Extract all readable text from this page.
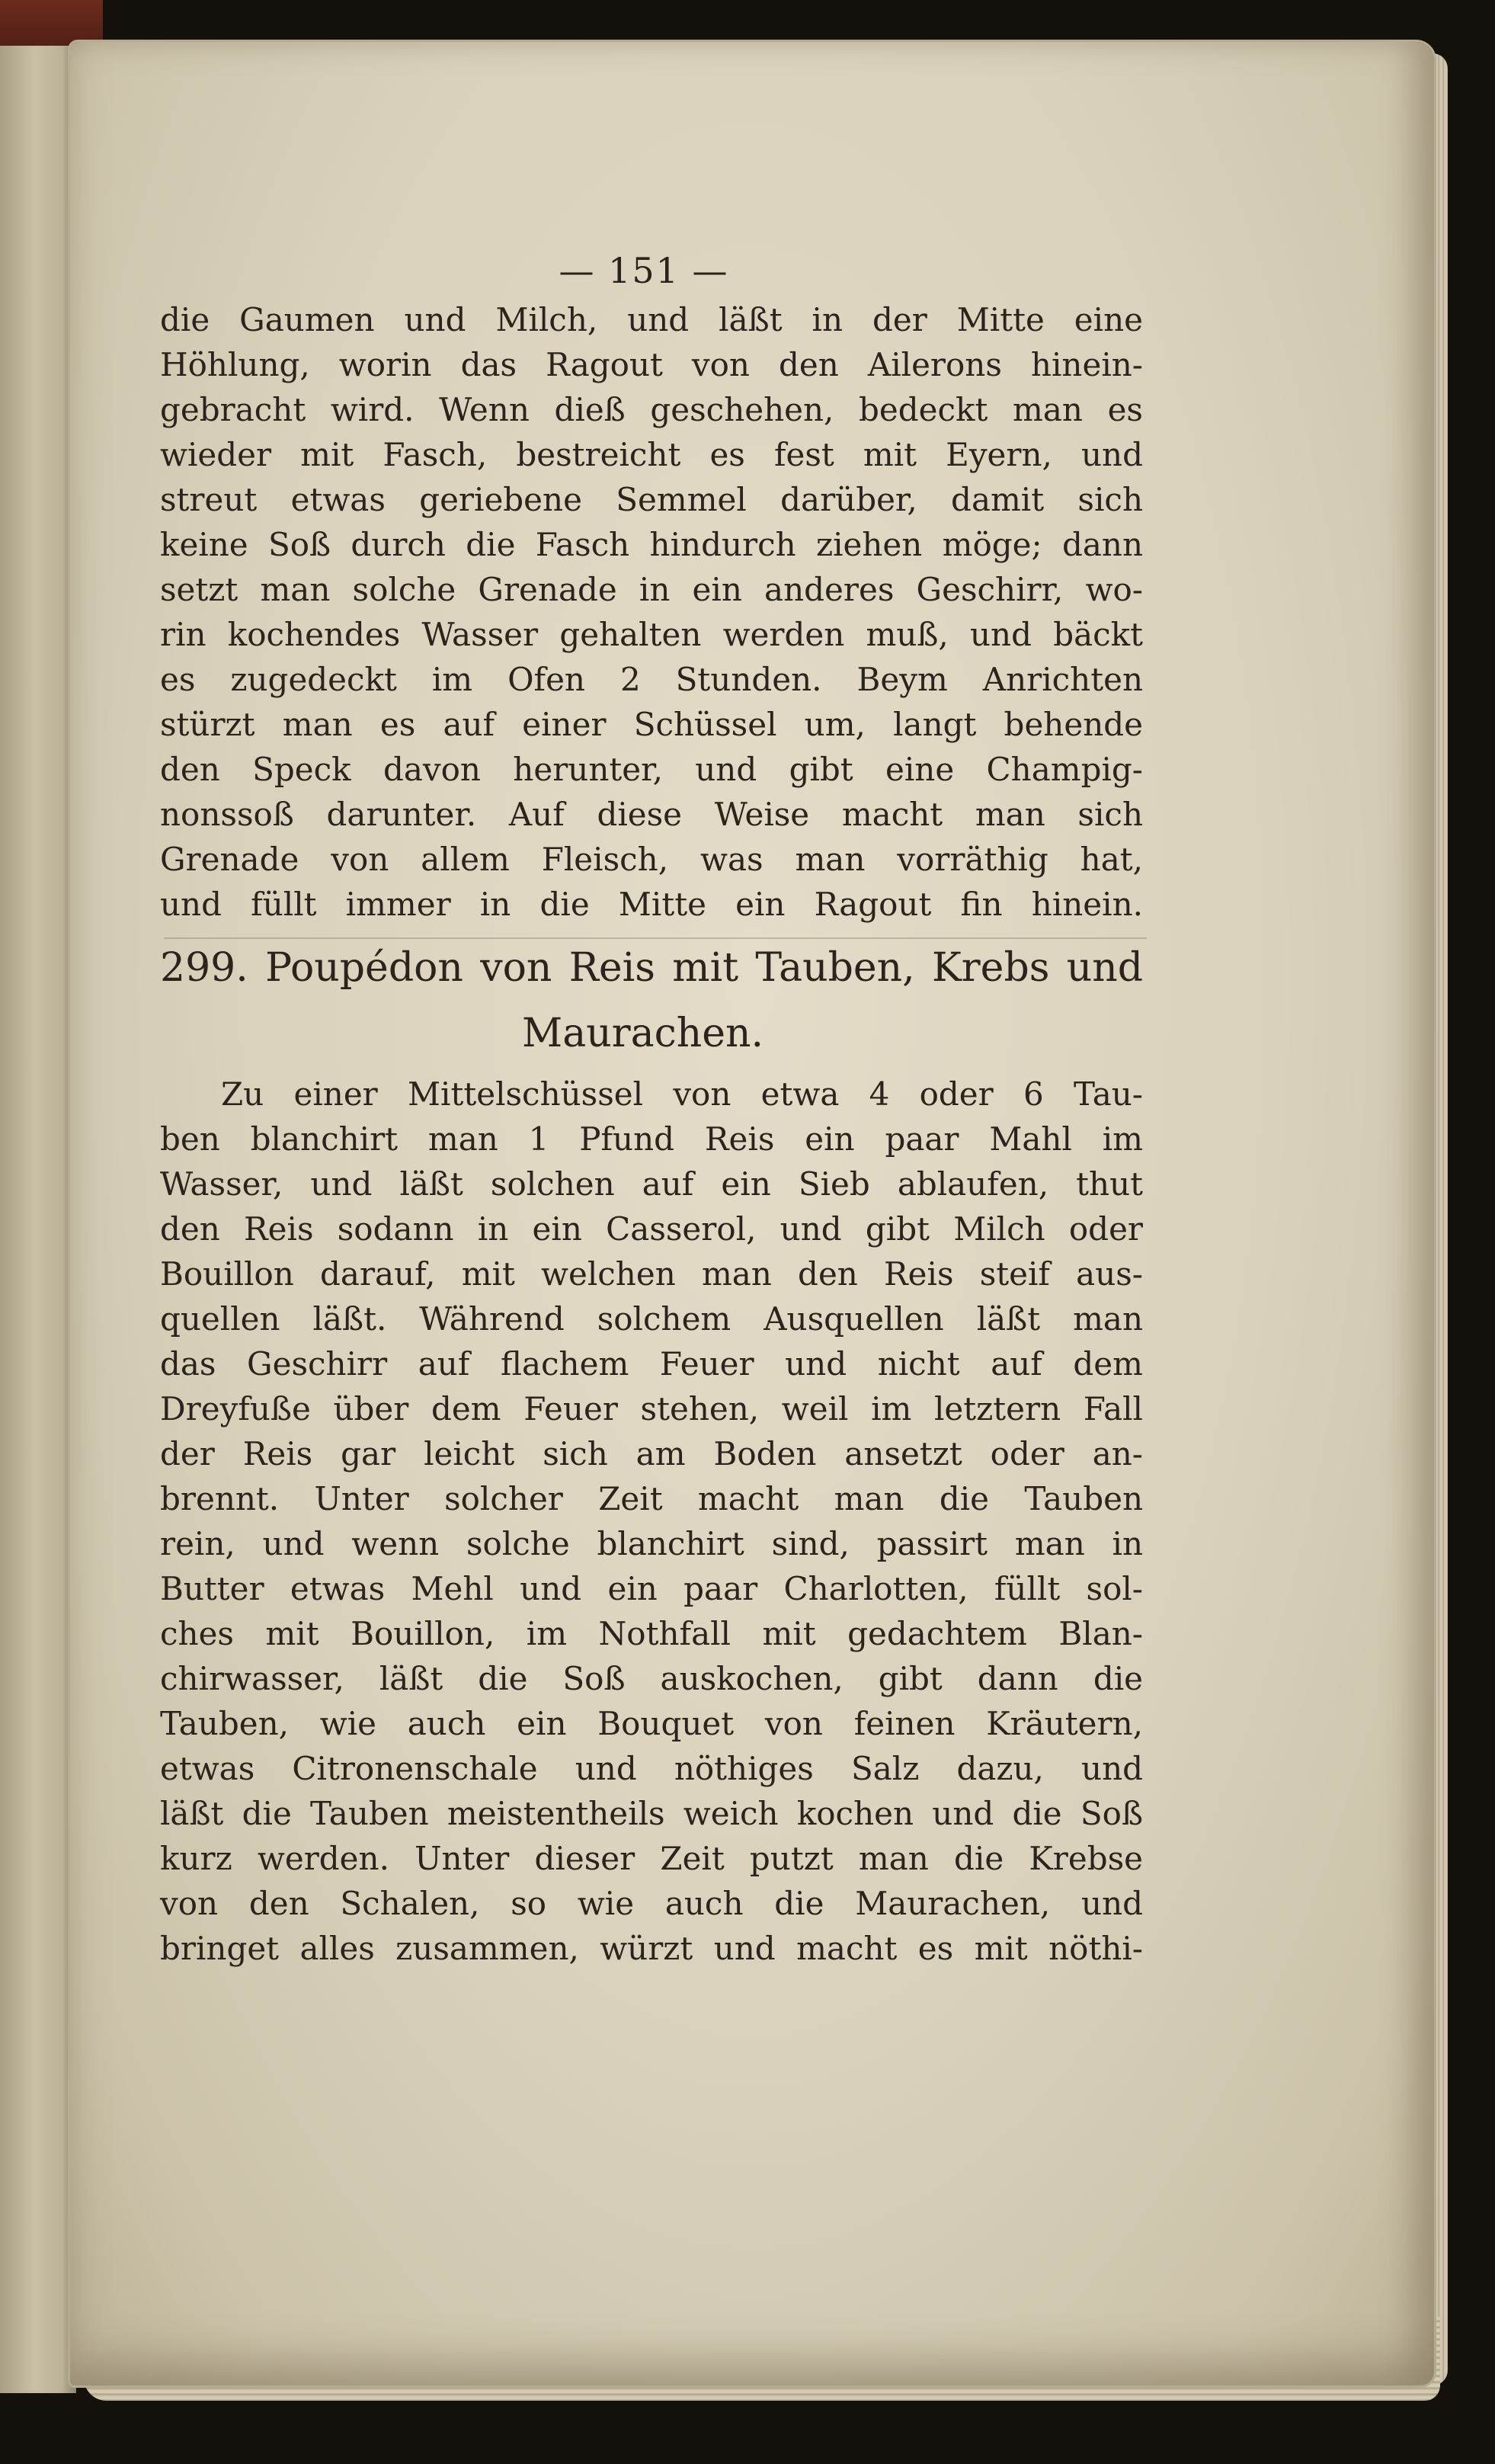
— 151 —
die Gaumen und Milch, und läßt in der Mitte eine
Höhlung, worin das Ragout von den Ailerons hinein-
gebracht wird. Wenn dieß geschehen, bedeckt man es
wieder mit Fasch, bestreicht es fest mit Eyern, und
streut etwas geriebene Semmel darüber, damit sich
keine Soß durch die Fasch hindurch ziehen möge; dann
setzt man solche Grenade in ein anderes Geschirr, wo-
rin kochendes Wasser gehalten werden muß, und bäckt
es zugedeckt im Ofen 2 Stunden. Beym Anrichten
stürzt man es auf einer Schüssel um, langt behende
den Speck davon herunter, und gibt eine Champig-
nonssoß darunter. Auf diese Weise macht man sich
Grenade von allem Fleisch, was man vorräthig hat,
und füllt immer in die Mitte ein Ragout fin hinein.
299. Poupédon von Reis mit Tauben, Krebs und
Maurachen.
Zu einer Mittelschüssel von etwa 4 oder 6 Tau-
ben blanchirt man 1 Pfund Reis ein paar Mahl im
Wasser, und läßt solchen auf ein Sieb ablaufen, thut
den Reis sodann in ein Casserol, und gibt Milch oder
Bouillon darauf, mit welchen man den Reis steif aus-
quellen läßt. Während solchem Ausquellen läßt man
das Geschirr auf flachem Feuer und nicht auf dem
Dreyfuße über dem Feuer stehen, weil im letztern Fall
der Reis gar leicht sich am Boden ansetzt oder an-
brennt. Unter solcher Zeit macht man die Tauben
rein, und wenn solche blanchirt sind, passirt man in
Butter etwas Mehl und ein paar Charlotten, füllt sol-
ches mit Bouillon, im Nothfall mit gedachtem Blan-
chirwasser, läßt die Soß auskochen, gibt dann die
Tauben, wie auch ein Bouquet von feinen Kräutern,
etwas Citronenschale und nöthiges Salz dazu, und
läßt die Tauben meistentheils weich kochen und die Soß
kurz werden. Unter dieser Zeit putzt man die Krebse
von den Schalen, so wie auch die Maurachen, und
bringet alles zusammen, würzt und macht es mit nöthi-
